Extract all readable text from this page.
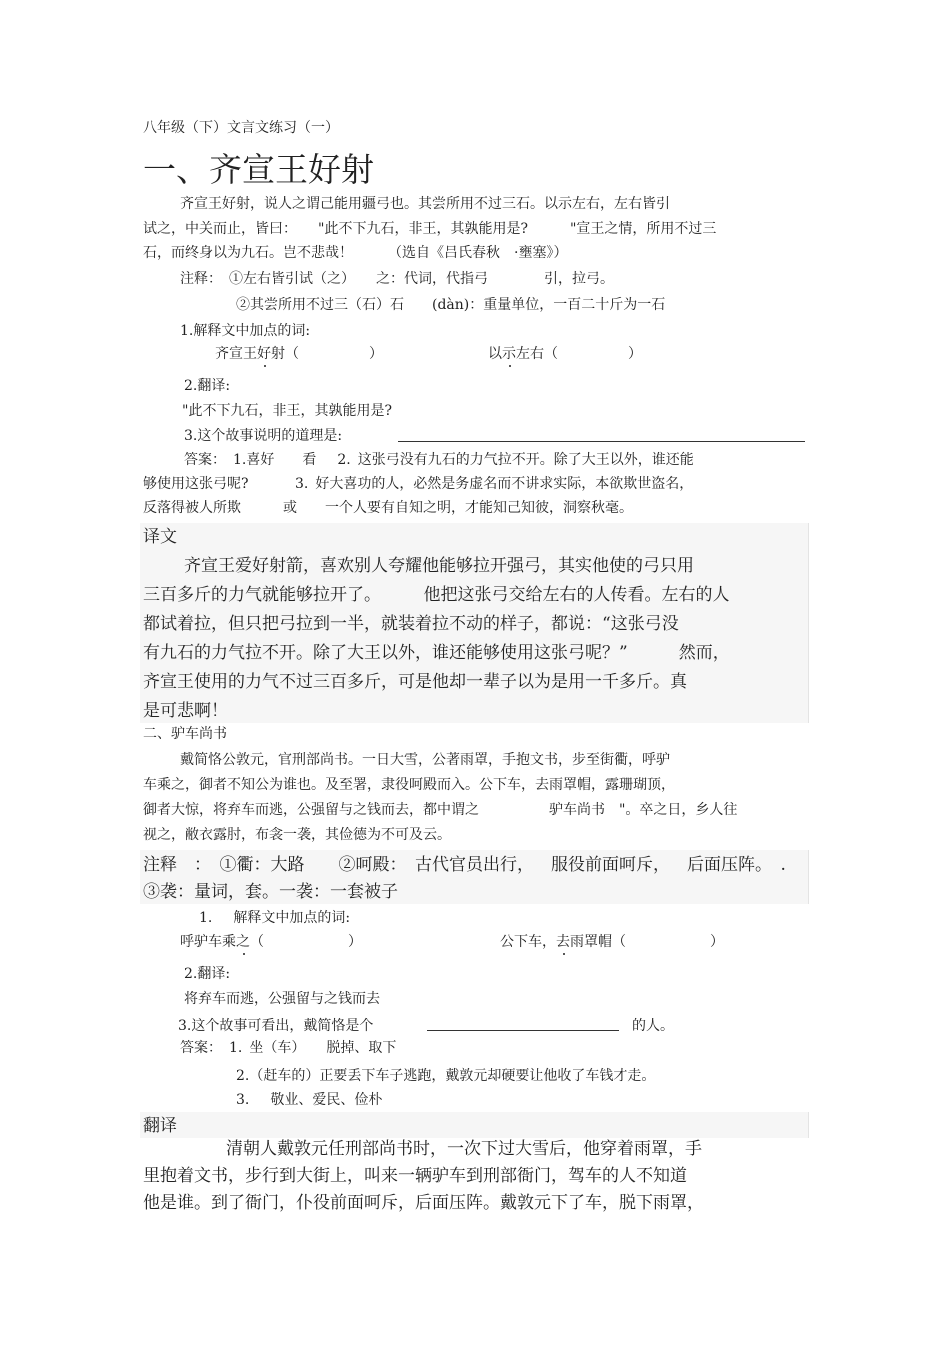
八年级（下）文言文练习（一）
一、齐宣王好射
齐宣王好射，说人之谓己能用疆弓也。其尝所用不过三石。以示左右，左右皆引
试之，中关而止，皆曰：　　"此不下九石，非王，其孰能用是?　　　"宣王之情，所用不过三
石，而终身以为九石。岂不悲哉！　　　（选自《吕氏春秋　·壅塞》）
注释： ①左右皆引试（之）　　之：代词，代指弓　　　　引，拉弓。
②其尝所用不过三（石）石　　(dàn)：重量单位，一百二十斤为一石
1.解释文中加点的词:
齐宣王好射（　　　　　）	以示左右（　　　　　）
2.翻译:
"此不下九石，非王，其孰能用是?
3.这个故事说明的道理是:
答案： 1.喜好　　看　 2. 这张弓没有九石的力气拉不开。除了大王以外，谁还能
够使用这张弓呢?　　　 3. 好大喜功的人，必然是务虚名而不讲求实际，本欲欺世盗名，
反落得被人所欺　　　或　　一个人要有自知之明，才能知己知彼，洞察秋毫。
译文
齐宣王爱好射箭，喜欢别人夸耀他能够拉开强弓，其实他使的弓只用
三百多斤的力气就能够拉开了。　　　他把这张弓交给左右的人传看。左右的人
都试着拉，但只把弓拉到一半，就装着拉不动的样子，都说：“这张弓没
有九石的力气拉不开。除了大王以外，谁还能够使用这张弓呢？”　　　然而，
齐宣王使用的力气不过三百多斤，可是他却一辈子以为是用一千多斤。真
是可悲啊！
二、驴车尚书
戴简恪公敦元，官刑部尚书。一日大雪，公著雨罩，手抱文书，步至街衢，呼驴
车乘之，御者不知公为谁也。及至署，隶役呵殿而入。公下车，去雨罩帽，露珊瑚顶，
御者大惊，将弃车而逃，公强留与之钱而去，都中谓之　　　　　驴车尚书　"。卒之日，乡人往
视之，敝衣露肘，布衾一袭，其俭德为不可及云。
注释　：　①衢：大路　　②呵殿： 古代官员出行，　 服役前面呵斥，　 后面压阵。 .
③袭：量词，套。一袭：一套被子
1.　 解释文中加点的词:
呼驴车乘之（　　　　　　）	公下车，去雨罩帽（　　　　　　）
2.翻译:
将弃车而逃，公强留与之钱而去
3.这个故事可看出，戴简恪是个	的人。
答案： 1. 坐（车）　　脱掉、取下
2.（赶车的）正要丢下车子逃跑，戴敦元却硬要让他收了车钱才走。
3.　 敬业、爱民、俭朴
翻译
清朝人戴敦元任刑部尚书时，一次下过大雪后，他穿着雨罩，手
里抱着文书，步行到大街上，叫来一辆驴车到刑部衙门，驾车的人不知道
他是谁。到了衙门，仆役前面呵斥，后面压阵。戴敦元下了车，脱下雨罩，
